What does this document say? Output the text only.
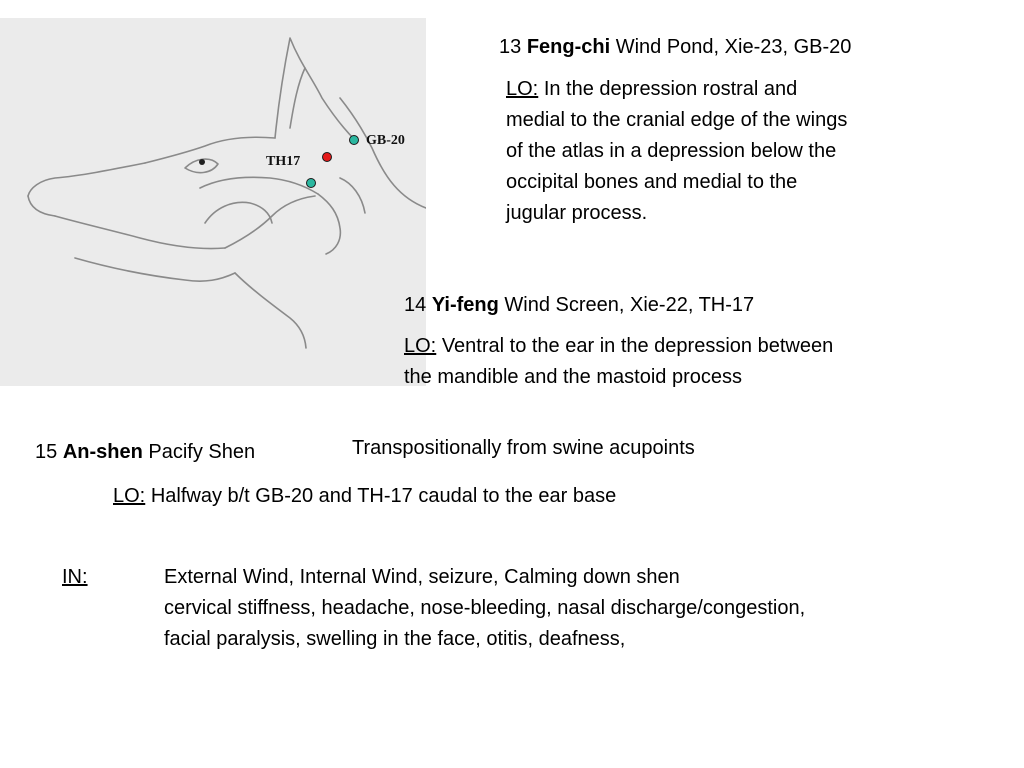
GB-20
TH17
13 Feng-chi Wind Pond, Xie-23, GB-20
LO: In the depression rostral and
medial to the cranial edge of the wings
of the atlas in a depression below the
occipital bones and medial to the
jugular process.
14 Yi-feng Wind Screen, Xie-22, TH-17
LO: Ventral to the ear in the depression between
the mandible and the mastoid process
15 An-shen Pacify Shen	Transpositionally from swine acupoints
LO: Halfway b/t GB-20 and TH-17 caudal to the ear base
IN:	External Wind, Internal Wind, seizure, Calming down shen
cervical stiffness, headache, nose-bleeding, nasal discharge/congestion,
facial paralysis, swelling in the face, otitis, deafness,
